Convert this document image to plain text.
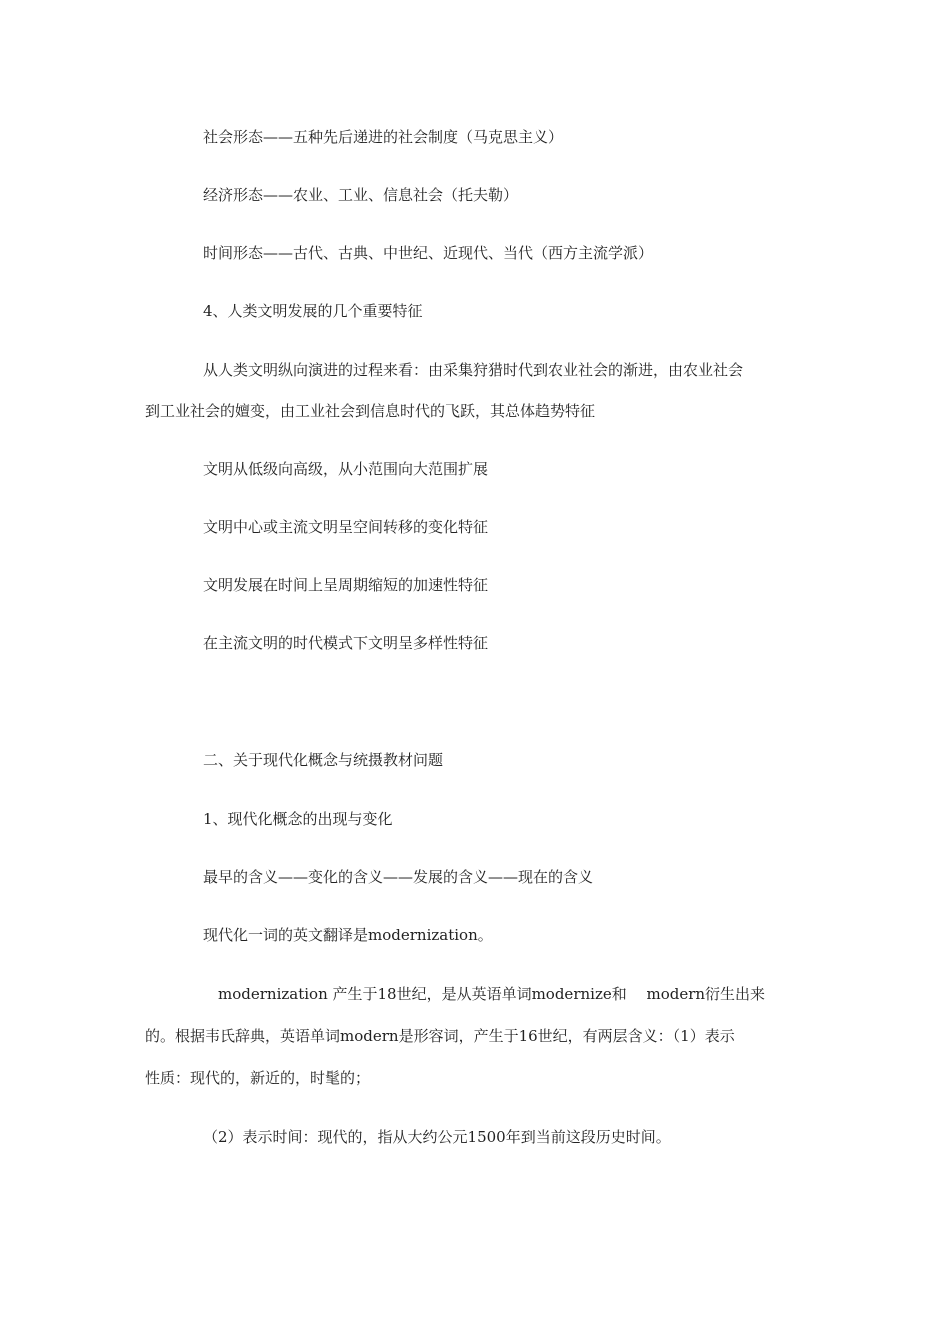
社会形态——五种先后递进的社会制度（马克思主义）
经济形态——农业、工业、信息社会（托夫勒）
时间形态——古代、古典、中世纪、近现代、当代（西方主流学派）
4、人类文明发展的几个重要特征
从人类文明纵向演进的过程来看：由采集狩猎时代到农业社会的渐进，由农业社会
到工业社会的嬗变，由工业社会到信息时代的飞跃，其总体趋势特征
文明从低级向高级，从小范围向大范围扩展
文明中心或主流文明呈空间转移的变化特征
文明发展在时间上呈周期缩短的加速性特征
在主流文明的时代模式下文明呈多样性特征
二、关于现代化概念与统摄教材问题
1、现代化概念的出现与变化
最早的含义——变化的含义——发展的含义——现在的含义
现代化一词的英文翻译是modernization。
modernization 产生于18世纪，是从英语单词modernize和　 modern衍生出来
的。根据韦氏辞典，英语单词modern是形容词，产生于16世纪，有两层含义：（1）表示
性质：现代的，新近的，时髦的；
（2）表示时间：现代的，指从大约公元1500年到当前这段历史时间。
